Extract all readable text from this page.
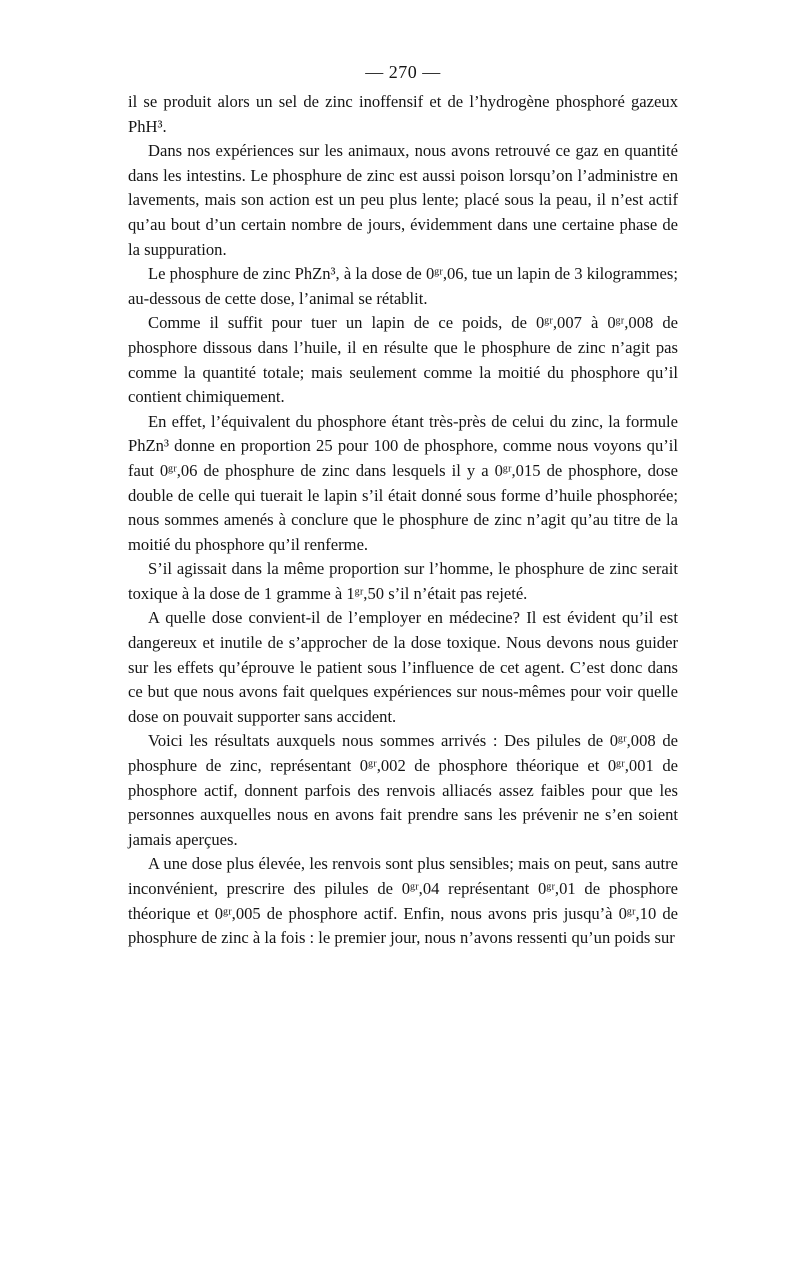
— 270 —

il se produit alors un sel de zinc inoffensif et de l’hydrogène phosphoré gazeux PhH³.

Dans nos expériences sur les animaux, nous avons retrouvé ce gaz en quantité dans les intestins. Le phosphure de zinc est aussi poison lorsqu’on l’administre en lavements, mais son action est un peu plus lente; placé sous la peau, il n’est actif qu’au bout d’un certain nombre de jours, évidemment dans une certaine phase de la suppuration.

Le phosphure de zinc PhZn³, à la dose de 0ᵍʳ,06, tue un lapin de 3 kilogrammes; au-dessous de cette dose, l’animal se rétablit.

Comme il suffit pour tuer un lapin de ce poids, de 0ᵍʳ,007 à 0ᵍʳ,008 de phosphore dissous dans l’huile, il en résulte que le phosphure de zinc n’agit pas comme la quantité totale; mais seulement comme la moitié du phosphore qu’il contient chimiquement.

En effet, l’équivalent du phosphore étant très-près de celui du zinc, la formule PhZn³ donne en proportion 25 pour 100 de phosphore, comme nous voyons qu’il faut 0ᵍʳ,06 de phosphure de zinc dans lesquels il y a 0ᵍʳ,015 de phosphore, dose double de celle qui tuerait le lapin s’il était donné sous forme d’huile phosphorée; nous sommes amenés à conclure que le phosphure de zinc n’agit qu’au titre de la moitié du phosphore qu’il renferme.

S’il agissait dans la même proportion sur l’homme, le phosphure de zinc serait toxique à la dose de 1 gramme à 1ᵍʳ,50 s’il n’était pas rejeté.

A quelle dose convient-il de l’employer en médecine? Il est évident qu’il est dangereux et inutile de s’approcher de la dose toxique. Nous devons nous guider sur les effets qu’éprouve le patient sous l’influence de cet agent. C’est donc dans ce but que nous avons fait quelques expériences sur nous-mêmes pour voir quelle dose on pouvait supporter sans accident.

Voici les résultats auxquels nous sommes arrivés : Des pilules de 0ᵍʳ,008 de phosphure de zinc, représentant 0ᵍʳ,002 de phosphore théorique et 0ᵍʳ,001 de phosphore actif, donnent parfois des renvois alliacés assez faibles pour que les personnes auxquelles nous en avons fait prendre sans les prévenir ne s’en soient jamais aperçues.

A une dose plus élevée, les renvois sont plus sensibles; mais on peut, sans autre inconvénient, prescrire des pilules de 0ᵍʳ,04 représentant 0ᵍʳ,01 de phosphore théorique et 0ᵍʳ,005 de phosphore actif. Enfin, nous avons pris jusqu’à 0ᵍʳ,10 de phosphure de zinc à la fois : le premier jour, nous n’avons ressenti qu’un poids sur
